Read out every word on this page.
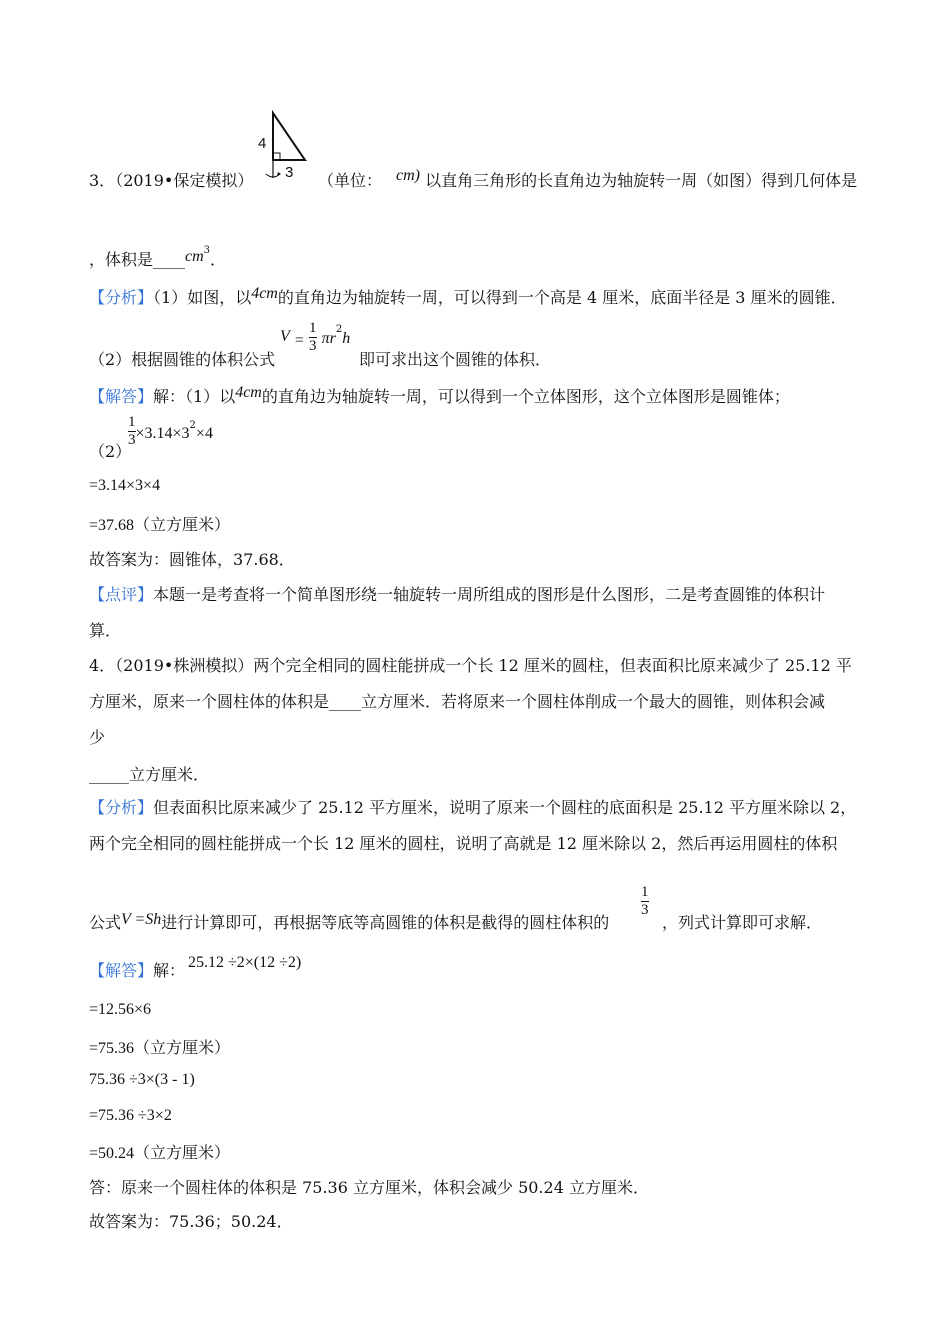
3．（2019•保定模拟）
4
3 （单位： cm) 以直角三角形的长直角边为轴旋转一周（如图）得到几何体是
，体积是$\_\_\_\_cm^3$．
【分析】（1）如图，以4cm的直角边为轴旋转一周，可以得到一个高是 4 厘米，底面半径是 3 厘米的圆锥．
（2）根据圆锥的体积公式
$V = \frac{1}{3} \pi r^2h$
即可求出这个圆锥的体积．
【解答】解：（1）以4cm的直角边为轴旋转一周，可以得到一个立体图形，这个立体图形是圆锥体；
（2）
$\frac{1}{3} \times 3.14\times 3^2\times 4$
=3.14×3×4
=37.68（立方厘米）
故答案为：圆锥体，37.68．
【点评】本题一是考查将一个简单图形绕一轴旋转一周所组成的图形是什么图形，二是考查圆锥的体积计
算．
4．（2019•株洲模拟）两个完全相同的圆柱能拼成一个长 12 厘米的圆柱，但表面积比原来减少了 25.12 平
方厘米，原来一个圆柱体的体积是____立方厘米．若将原来一个圆柱体削成一个最大的圆锥，则体积会减
少
_____立方厘米．
【分析】但表面积比原来减少了 25.12 平方厘米，说明了原来一个圆柱的底面积是 25.12 平方厘米除以 2，
两个完全相同的圆柱能拼成一个长 12 厘米的圆柱，说明了高就是 12 厘米除以 2，然后再运用圆柱的体积
公式V =Sh进行计算即可，再根据等底等高圆锥的体积是截得的圆柱体积的
$\frac{1}{3}$
，列式计算即可求解．
【解答】解： 25.12 ÷2×(12 ÷2)
=12.56×6
=75.36（立方厘米）
75.36 ÷3×(3 - 1)
=75.36 ÷3×2
=50.24（立方厘米）
答：原来一个圆柱体的体积是 75.36 立方厘米，体积会减少 50.24 立方厘米．
故答案为：75.36；50.24．
